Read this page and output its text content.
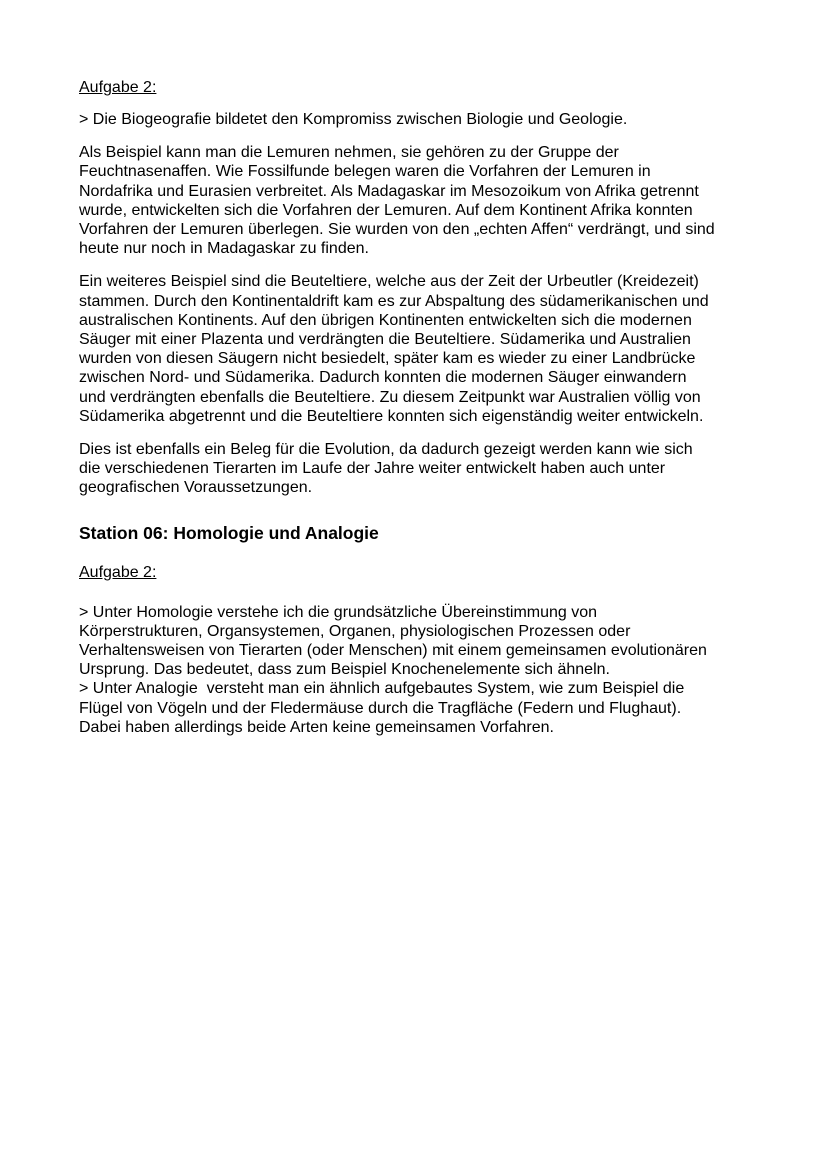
Aufgabe 2:

> Die Biogeografie bildetet den Kompromiss zwischen Biologie und Geologie.

Als Beispiel kann man die Lemuren nehmen, sie gehören zu der Gruppe der
Feuchtnasenaffen. Wie Fossilfunde belegen waren die Vorfahren der Lemuren in
Nordafrika und Eurasien verbreitet. Als Madagaskar im Mesozoikum von Afrika getrennt
wurde, entwickelten sich die Vorfahren der Lemuren. Auf dem Kontinent Afrika konnten
Vorfahren der Lemuren überlegen. Sie wurden von den „echten Affen“ verdrängt, und sind
heute nur noch in Madagaskar zu finden.

Ein weiteres Beispiel sind die Beuteltiere, welche aus der Zeit der Urbeutler (Kreidezeit)
stammen. Durch den Kontinentaldrift kam es zur Abspaltung des südamerikanischen und
australischen Kontinents. Auf den übrigen Kontinenten entwickelten sich die modernen
Säuger mit einer Plazenta und verdrängten die Beuteltiere. Südamerika und Australien
wurden von diesen Säugern nicht besiedelt, später kam es wieder zu einer Landbrücke
zwischen Nord- und Südamerika. Dadurch konnten die modernen Säuger einwandern
und verdrängten ebenfalls die Beuteltiere. Zu diesem Zeitpunkt war Australien völlig von
Südamerika abgetrennt und die Beuteltiere konnten sich eigenständig weiter entwickeln.

Dies ist ebenfalls ein Beleg für die Evolution, da dadurch gezeigt werden kann wie sich
die verschiedenen Tierarten im Laufe der Jahre weiter entwickelt haben auch unter
geografischen Voraussetzungen.

Station 06: Homologie und Analogie

Aufgabe 2:

> Unter Homologie verstehe ich die grundsätzliche Übereinstimmung von
Körperstrukturen, Organsystemen, Organen, physiologischen Prozessen oder
Verhaltensweisen von Tierarten (oder Menschen) mit einem gemeinsamen evolutionären
Ursprung. Das bedeutet, dass zum Beispiel Knochenelemente sich ähneln.

> Unter Analogie  versteht man ein ähnlich aufgebautes System, wie zum Beispiel die
Flügel von Vögeln und der Fledermäuse durch die Tragfläche (Federn und Flughaut).
Dabei haben allerdings beide Arten keine gemeinsamen Vorfahren.
